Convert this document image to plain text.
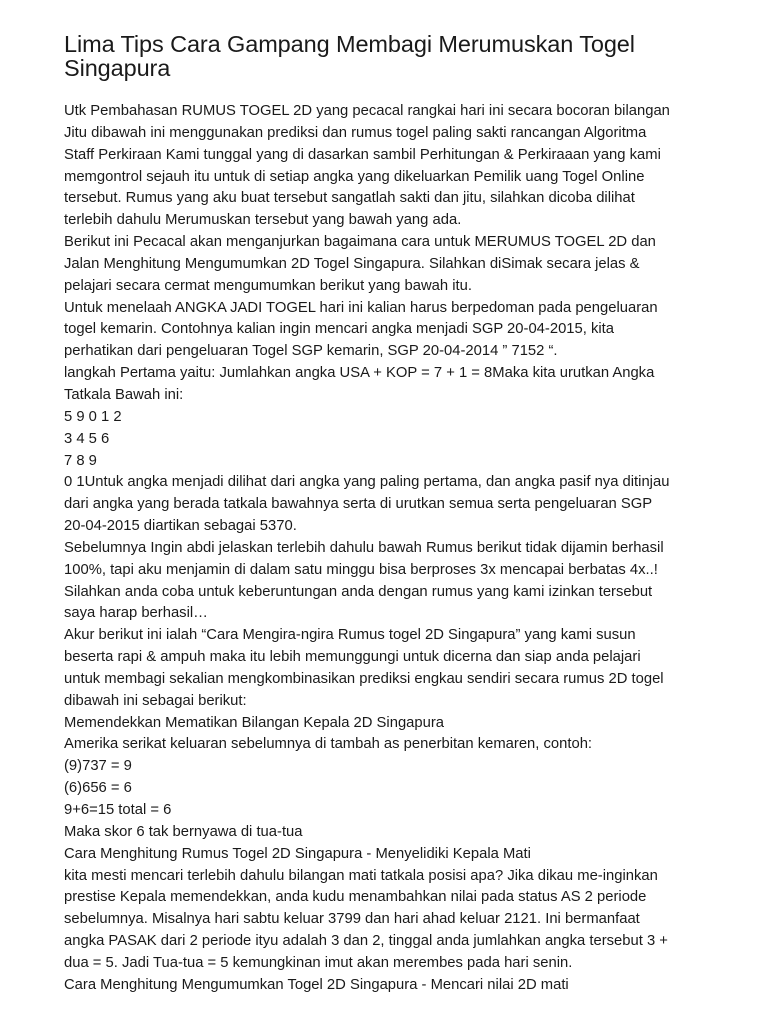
Lima Tips Cara Gampang Membagi Merumuskan Togel
Singapura
Utk Pembahasan RUMUS TOGEL 2D yang pecacal rangkai hari ini secara bocoran bilangan
Jitu dibawah ini menggunakan prediksi dan rumus togel paling sakti rancangan Algoritma
Staff Perkiraan Kami tunggal yang di dasarkan sambil Perhitungan & Perkiraaan yang kami
memgontrol sejauh itu untuk di setiap angka yang dikeluarkan Pemilik uang Togel Online
tersebut. Rumus yang aku buat tersebut sangatlah sakti dan jitu, silahkan dicoba dilihat
terlebih dahulu Merumuskan tersebut yang bawah yang ada.
Berikut ini Pecacal akan menganjurkan bagaimana cara untuk MERUMUS TOGEL 2D dan
Jalan Menghitung Mengumumkan 2D Togel Singapura. Silahkan diSimak secara jelas &
pelajari secara cermat mengumumkan berikut yang bawah itu.
Untuk menelaah ANGKA JADI TOGEL hari ini kalian harus berpedoman pada pengeluaran
togel kemarin. Contohnya kalian ingin mencari angka menjadi SGP 20-04-2015, kita
perhatikan dari pengeluaran Togel SGP kemarin, SGP 20-04-2014 ” 7152 “.
langkah Pertama yaitu: Jumlahkan angka USA + KOP = 7 + 1 = 8Maka kita urutkan Angka
Tatkala Bawah ini:
5 9 0 1 2
3 4 5 6
7 8 9
0 1Untuk angka menjadi dilihat dari angka yang paling pertama, dan angka pasif nya ditinjau
dari angka yang berada tatkala bawahnya serta di urutkan semua serta pengeluaran SGP
20-04-2015 diartikan sebagai 5370.
Sebelumnya Ingin abdi jelaskan terlebih dahulu bawah Rumus berikut tidak dijamin berhasil
100%, tapi aku menjamin di dalam satu minggu bisa berproses 3x mencapai berbatas 4x..!
Silahkan anda coba untuk keberuntungan anda dengan rumus yang kami izinkan tersebut
saya harap berhasil…
Akur berikut ini ialah “Cara Mengira-ngira Rumus togel 2D Singapura” yang kami susun
beserta rapi & ampuh maka itu lebih memunggungi untuk dicerna dan siap anda pelajari
untuk membagi sekalian mengkombinasikan prediksi engkau sendiri secara rumus 2D togel
dibawah ini sebagai berikut:
Memendekkan Mematikan Bilangan Kepala 2D Singapura
Amerika serikat keluaran sebelumnya di tambah as penerbitan kemaren, contoh:
(9)737 = 9
(6)656 = 6
9+6=15 total = 6
Maka skor 6 tak bernyawa di tua-tua
Cara Menghitung Rumus Togel 2D Singapura - Menyelidiki Kepala Mati
kita mesti mencari terlebih dahulu bilangan mati tatkala posisi apa? Jika dikau me-inginkan
prestise Kepala memendekkan, anda kudu menambahkan nilai pada status AS 2 periode
sebelumnya. Misalnya hari sabtu keluar 3799 dan hari ahad keluar 2121. Ini bermanfaat
angka PASAK dari 2 periode ityu adalah 3 dan 2, tinggal anda jumlahkan angka tersebut 3 +
dua = 5. Jadi Tua-tua = 5 kemungkinan imut akan merembes pada hari senin.
Cara Menghitung Mengumumkan Togel 2D Singapura - Mencari nilai 2D mati
